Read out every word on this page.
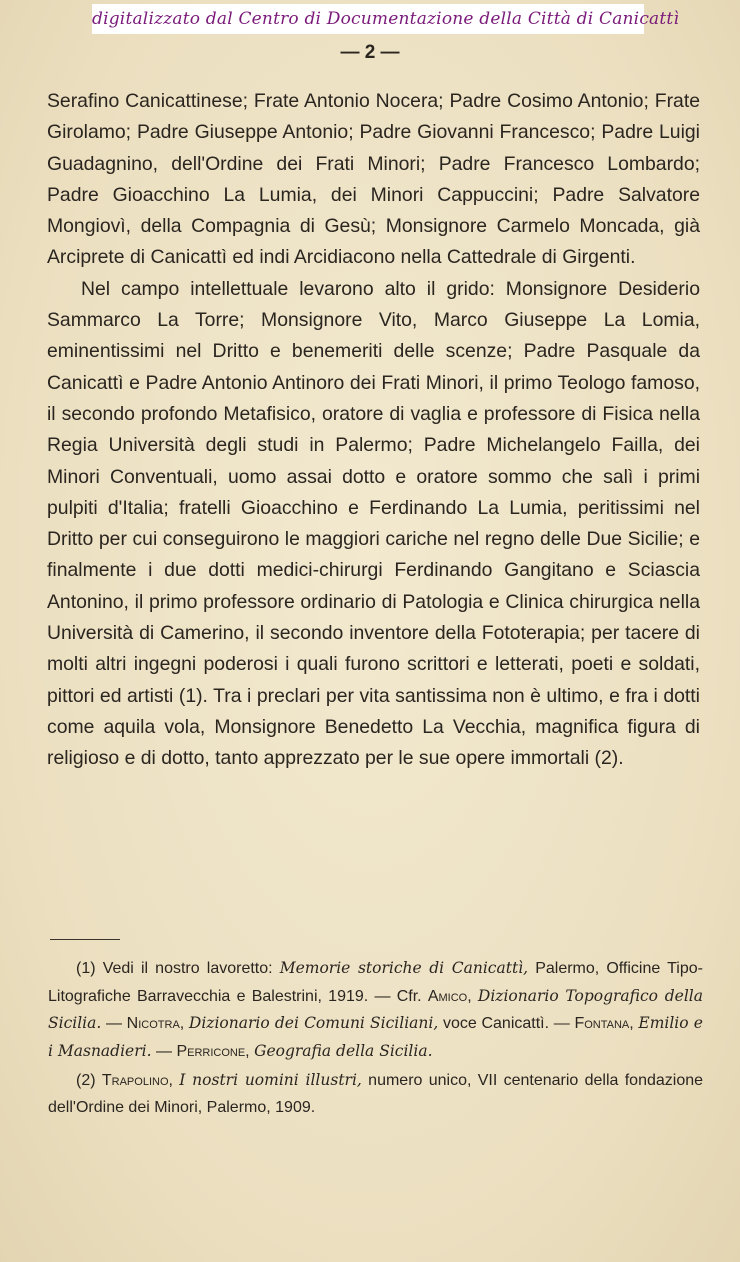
digitalizzato dal Centro di Documentazione della Città di Canicattì
— 2 —

Serafino Canicattinese; Frate Antonio Nocera; Padre Cosimo Antonio; Frate Girolamo; Padre Giuseppe Antonio; Padre Giovanni Francesco; Padre Luigi Guadagnino, dell'Ordine dei Frati Minori; Padre Francesco Lombardo; Padre Gioacchino La Lumia, dei Minori Cappuccini; Padre Salvatore Mongiovì, della Compagnia di Gesù; Monsignore Carmelo Moncada, già Arciprete di Canicattì ed indi Arcidiacono nella Cattedrale di Girgenti.

Nel campo intellettuale levarono alto il grido: Monsignore Desiderio Sammarco La Torre; Monsignore Vito, Marco Giuseppe La Lomia, eminentissimi nel Dritto e benemeriti delle scenze; Padre Pasquale da Canicattì e Padre Antonio Antinoro dei Frati Minori, il primo Teologo famoso, il secondo profondo Metafisico, oratore di vaglia e professore di Fisica nella Regia Università degli studi in Palermo; Padre Michelangelo Failla, dei Minori Conventuali, uomo assai dotto e oratore sommo che salì i primi pulpiti d'Italia; fratelli Gioacchino e Ferdinando La Lumia, peritissimi nel Dritto per cui conseguirono le maggiori cariche nel regno delle Due Sicilie; e finalmente i due dotti medici-chirurgi Ferdinando Gangitano e Sciascia Antonino, il primo professore ordinario di Patologia e Clinica chirurgica nella Università di Camerino, il secondo inventore della Fototerapia; per tacere di molti altri ingegni poderosi i quali furono scrittori e letterati, poeti e soldati, pittori ed artisti (1). Tra i preclari per vita santissima non è ultimo, e fra i dotti come aquila vola, Monsignore Benedetto La Vecchia, magnifica figura di religioso e di dotto, tanto apprezzato per le sue opere immortali (2).

(1) Vedi il nostro lavoretto: Memorie storiche di Canicattì, Palermo, Officine Tipo-Litografiche Barravecchia e Balestrini, 1919. — Cfr. Amico, Dizionario Topografico della Sicilia. — Nicotra, Dizionario dei Comuni Siciliani, voce Canicattì. — Fontana, Emilio e i Masnadieri. — Perricone, Geografia della Sicilia.

(2) Trapolino, I nostri uomini illustri, numero unico, VII centenario della fondazione dell'Ordine dei Minori, Palermo, 1909.
